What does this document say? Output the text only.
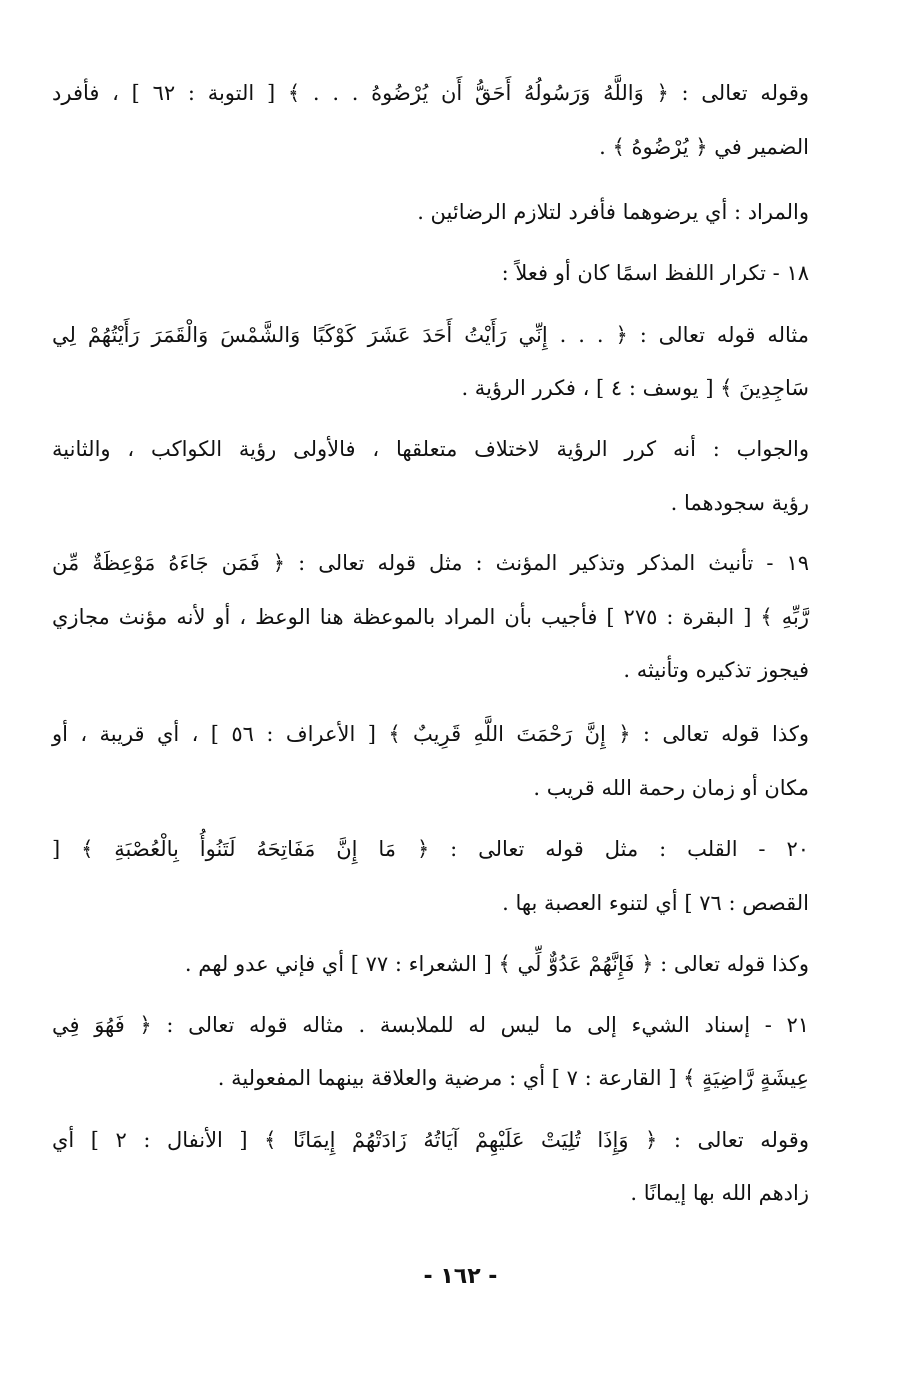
وقوله تعالى : ﴿ وَاللَّهُ وَرَسُولُهُ أَحَقُّ أَن يُرْضُوهُ . . . ﴾ [ التوبة : ٦٢ ] ، فأفرد
الضمير في ﴿ يُرْضُوهُ ﴾ .
والمراد : أي يرضوهما فأفرد لتلازم الرضائين .
١٨ - تكرار اللفظ اسمًا كان أو فعلاً :
مثاله قوله تعالى : ﴿ . . . إِنِّي رَأَيْتُ أَحَدَ عَشَرَ كَوْكَبًا وَالشَّمْسَ وَالْقَمَرَ رَأَيْتُهُمْ لِي
سَاجِدِينَ ﴾ [ يوسف : ٤ ] ، فكرر الرؤية .
والجواب : أنه كرر الرؤية لاختلاف متعلقها ، فالأولى رؤية الكواكب ، والثانية
رؤية سجودهما .
١٩ - تأنيث المذكر وتذكير المؤنث : مثل قوله تعالى : ﴿ فَمَن جَاءَهُ مَوْعِظَةٌ مِّن
رَّبِّهِ ﴾ [ البقرة : ٢٧٥ ] فأجيب بأن المراد بالموعظة هنا الوعظ ، أو لأنه مؤنث مجازي
فيجوز تذكيره وتأنيثه .
وكذا قوله تعالى : ﴿ إِنَّ رَحْمَتَ اللَّهِ قَرِيبٌ ﴾ [ الأعراف : ٥٦ ] ، أي قريبة ، أو
مكان أو زمان رحمة الله قريب .
٢٠ - القلب : مثل قوله تعالى : ﴿ مَا إِنَّ مَفَاتِحَهُ لَتَنُوأُ بِالْعُصْبَةِ ﴾ [
القصص : ٧٦ ] أي لتنوء العصبة بها .
وكذا قوله تعالى : ﴿ فَإِنَّهُمْ عَدُوٌّ لِّي ﴾ [ الشعراء : ٧٧ ] أي فإني عدو لهم .
٢١ - إسناد الشيء إلى ما ليس له للملابسة . مثاله قوله تعالى : ﴿ فَهُوَ فِي
عِيشَةٍ رَّاضِيَةٍ ﴾ [ القارعة : ٧ ] أي : مرضية والعلاقة بينهما المفعولية .
وقوله تعالى : ﴿ وَإِذَا تُلِيَتْ عَلَيْهِمْ آيَاتُهُ زَادَتْهُمْ إِيمَانًا ﴾ [ الأنفال : ٢ ] أي
زادهم الله بها إيمانًا .
- ١٦٢ -
